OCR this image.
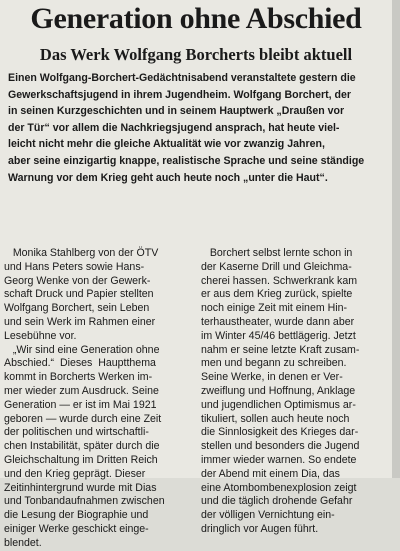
Generation ohne Abschied
Das Werk Wolfgang Borcherts bleibt aktuell

Einen Wolfgang-Borchert-Gedächtnisabend veranstaltete gestern die

Gewerkschaftsjugend in ihrem Jugendheim. Wolfgang Borchert, der

in seinen Kurzgeschichten und in seinem Hauptwerk „Draußen vor

der Tür“ vor allem die Nachkriegsjugend ansprach, hat heute viel-

leicht nicht mehr die gleiche Aktualität wie vor zwanzig Jahren,

aber seine einzigartig knappe, realistische Sprache und seine ständige

Warnung vor dem Krieg geht auch heute noch „unter die Haut“.

Monika Stahlberg von der ÖTV

und Hans Peters sowie Hans-

Georg Wenke von der Gewerk-

schaft Druck und Papier stellten

Wolfgang Borchert, sein Leben

und sein Werk im Rahmen einer

Lesebühne vor.

„Wir sind eine Generation ohne

Abschied.“  Dieses  Hauptthema

kommt in Borcherts Werken im-

mer wieder zum Ausdruck. Seine

Generation — er ist im Mai 1921

geboren — wurde durch eine Zeit

der politischen und wirtschaftli-

chen Instabilität, später durch die

Gleichschaltung im Dritten Reich

und den Krieg geprägt. Dieser

Zeitinhintergrund wurde mit Dias

und Tonbandaufnahmen zwischen

die Lesung der Biographie und

einiger Werke geschickt einge-

blendet.

Borchert selbst lernte schon in

der Kaserne Drill und Gleichma-

cherei hassen. Schwerkrank kam

er aus dem Krieg zurück, spielte

noch einige Zeit mit einem Hin-

terhaustheater, wurde dann aber

im Winter 45/46 bettlägerig. Jetzt

nahm er seine letzte Kraft zusam-

men und begann zu schreiben.

Seine Werke, in denen er Ver-

zweiflung und Hoffnung, Anklage

und jugendlichen Optimismus ar-

tikuliert, sollen auch heute noch

die Sinnlosigkeit des Krieges dar-

stellen und besonders die Jugend

immer wieder warnen. So endete

der Abend mit einem Dia, das

eine Atombombenexplosion zeigt

und die täglich drohende Gefahr

der völligen Vernichtung ein-

dringlich vor Augen führt.
